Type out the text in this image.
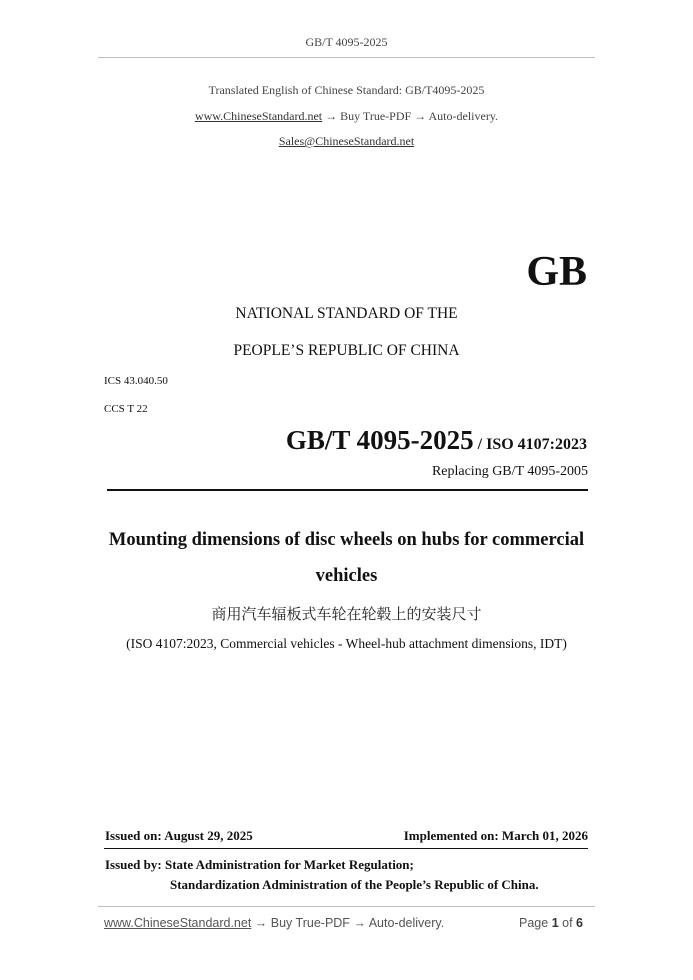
GB/T 4095-2025
Translated English of Chinese Standard: GB/T4095-2025
www.ChineseStandard.net → Buy True-PDF → Auto-delivery.
Sales@ChineseStandard.net
GB
NATIONAL STANDARD OF THE
PEOPLE’S REPUBLIC OF CHINA
ICS 43.040.50
CCS T 22
GB/T 4095-2025 / ISO 4107:2023
Replacing GB/T 4095-2005
Mounting dimensions of disc wheels on hubs for commercial
vehicles
商用汽车辐板式车轮在轮毂上的安装尺寸
(ISO 4107:2023, Commercial vehicles - Wheel-hub attachment dimensions, IDT)
Issued on: August 29, 2025	Implemented on: March 01, 2026
Issued by: State Administration for Market Regulation;
Standardization Administration of the People’s Republic of China.
www.ChineseStandard.net → Buy True-PDF → Auto-delivery.	Page 1 of 6
